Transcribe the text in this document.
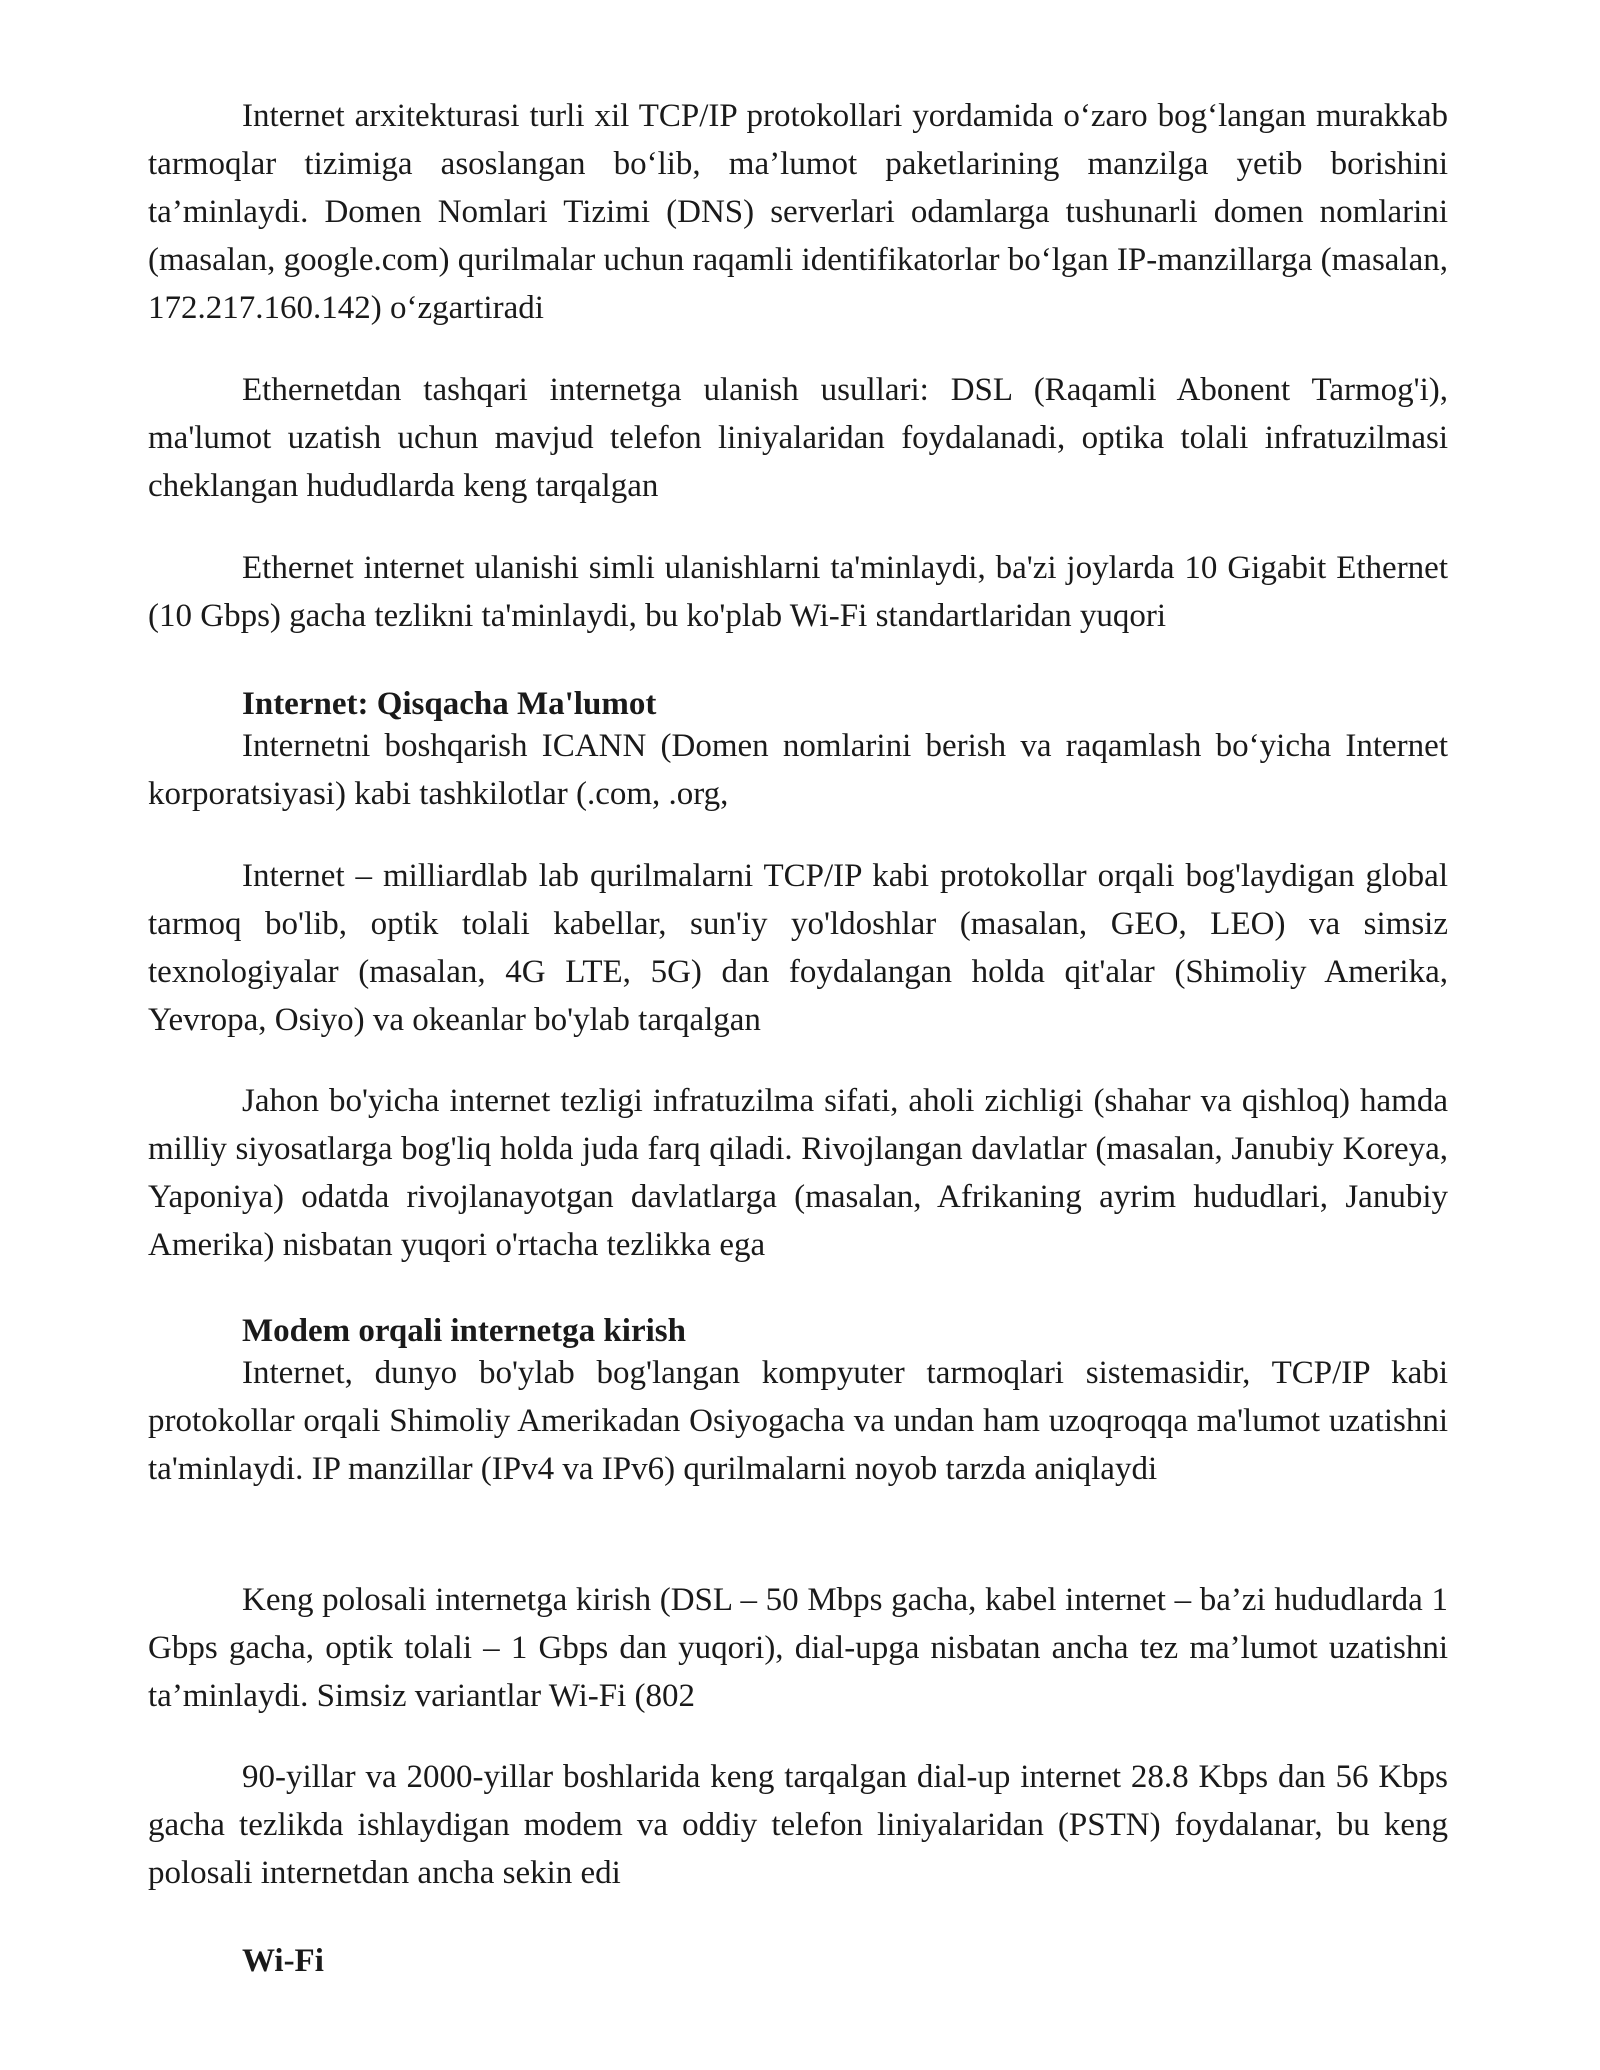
Internet arxitekturasi turli xil TCP/IP protokollari yordamida o‘zaro bog‘langan murakkab tarmoqlar tizimiga asoslangan bo‘lib, ma’lumot paketlarining manzilga yetib borishini ta’minlaydi. Domen Nomlari Tizimi (DNS) serverlari odamlarga tushunarli domen nomlarini (masalan, google.com) qurilmalar uchun raqamli identifikatorlar bo‘lgan IP-manzillarga (masalan, 172.217.160.142) o‘zgartiradi

Ethernetdan tashqari internetga ulanish usullari: DSL (Raqamli Abonent Tarmog'i), ma'lumot uzatish uchun mavjud telefon liniyalaridan foydalanadi, optika tolali infratuzilmasi cheklangan hududlarda keng tarqalgan

Ethernet internet ulanishi simli ulanishlarni ta'minlaydi, ba'zi joylarda 10 Gigabit Ethernet (10 Gbps) gacha tezlikni ta'minlaydi, bu ko'plab Wi-Fi standartlaridan yuqori

Internet: Qisqacha Ma'lumot

Internetni boshqarish ICANN (Domen nomlarini berish va raqamlash bo‘yicha Internet korporatsiyasi) kabi tashkilotlar (.com, .org,

Internet – milliardlab lab qurilmalarni TCP/IP kabi protokollar orqali bog'laydigan global tarmoq bo'lib, optik tolali kabellar, sun'iy yo'ldoshlar (masalan, GEO, LEO) va simsiz texnologiyalar (masalan, 4G LTE, 5G) dan foydalangan holda qit'alar (Shimoliy Amerika, Yevropa, Osiyo) va okeanlar bo'ylab tarqalgan

Jahon bo'yicha internet tezligi infratuzilma sifati, aholi zichligi (shahar va qishloq) hamda milliy siyosatlarga bog'liq holda juda farq qiladi. Rivojlangan davlatlar (masalan, Janubiy Koreya, Yaponiya) odatda rivojlanayotgan davlatlarga (masalan, Afrikaning ayrim hududlari, Janubiy Amerika) nisbatan yuqori o'rtacha tezlikka ega

Modem orqali internetga kirish

Internet, dunyo bo'ylab bog'langan kompyuter tarmoqlari sistemasidir, TCP/IP kabi protokollar orqali Shimoliy Amerikadan Osiyogacha va undan ham uzoqroqqa ma'lumot uzatishni ta'minlaydi. IP manzillar (IPv4 va IPv6) qurilmalarni noyob tarzda aniqlaydi

Keng polosali internetga kirish (DSL – 50 Mbps gacha, kabel internet – ba’zi hududlarda 1 Gbps gacha, optik tolali – 1 Gbps dan yuqori), dial-upga nisbatan ancha tez ma’lumot uzatishni ta’minlaydi. Simsiz variantlar Wi-Fi (802

90-yillar va 2000-yillar boshlarida keng tarqalgan dial-up internet 28.8 Kbps dan 56 Kbps gacha tezlikda ishlaydigan modem va oddiy telefon liniyalaridan (PSTN) foydalanar, bu keng polosali internetdan ancha sekin edi

Wi-Fi
